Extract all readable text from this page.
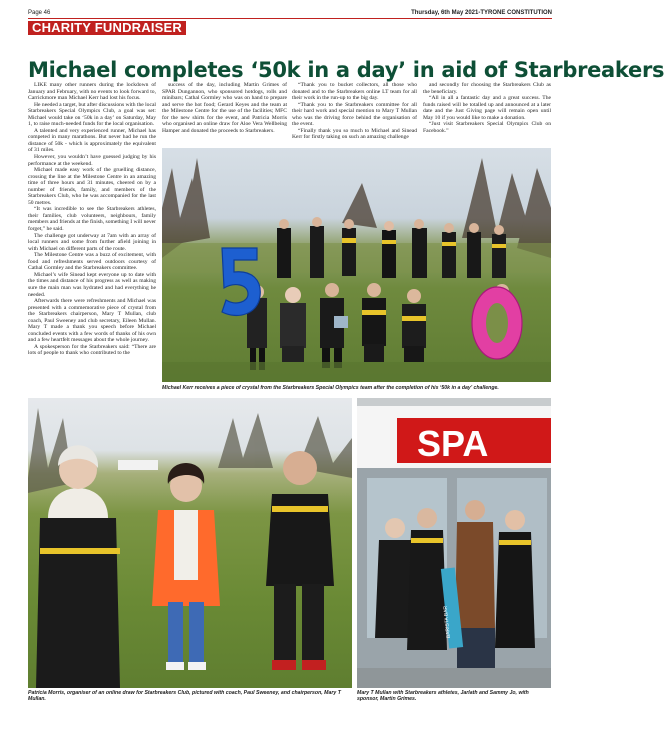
Page 46	Thursday, 6th May 2021-TYRONE CONSTITUTION
CHARITY FUNDRAISER
Michael completes ‘50k in a day’ in aid of Starbreakers

LIKE many other runners during the lockdown of January and February, with no events to look forward to, Carrickmore man Michael Kerr had lost his focus.

He needed a target, but after discussions with the local Starbreakers Special Olympics Club, a goal was set: Michael would take on ‘50k in a day’ on Saturday, May 1, to raise much-needed funds for the local organisation.

A talented and very experienced runner, Michael has competed in many marathons. But never had he run the distance of 50k - which is approximately the equivalent of 31 miles.

However, you wouldn’t have guessed judging by his performance at the weekend.

Michael made easy work of the gruelling distance, crossing the line at the Milestone Centre in an amazing time of three hours and 31 minutes, cheered on by a number of friends, family, and members of the Starbreakers Club, who he was accompanied for the last 50 metres.

“It was incredible to see the Starbreakers athletes, their families, club volunteers, neighbours, family members and friends at the finish, something I will never forget,” he said.

The challenge got underway at 7am with an array of local runners and some from further afield joining in with Michael on different parts of the route.

The Milestone Centre was a buzz of excitement, with food and refreshments served outdoors courtesy of Cathal Gormley and the Starbreakers committee.

Michael’s wife Sinead kept everyone up to date with the times and distance of his progress as well as making sure the main man was hydrated and had everything he needed.

Afterwards there were refreshments and Michael was presented with a commemorative piece of crystal from the Starbreakers chairperson, Mary T Mullan, club coach, Paul Sweeney and club secretary, Eileen Mullan. Mary T made a thank you speech before Michael concluded events with a few words of thanks of his own and a few heartfelt messages about the whole journey.

A spokesperson for the Starbreakers said: “There are lots of people to thank who contributed to the

success of the day, including Martin Grimes of SPAR Dungannon, who sponsored hotdogs, rolls and minibars; Cathal Gormley who was on hand to prepare and serve the hot food; Gerard Keyes and the team at the Milestone Centre for the use of the facilities; MFC for the new shirts for the event, and Patricia Morris who organised an online draw for Aloe Vera Wellbeing Hamper and donated the proceeds to Starbreakers.

“Thank you to bucket collectors, all those who donated and to the Starbreakers online LT team for all their work in the run-up to the big day.

“Thank you to the Starbreakers committee for all their hard work and special mention to Mary T Mullan who was the driving force behind the organisation of the event.

“Finally thank you so much to Michael and Sinead Kerr for firstly taking on such an amazing challenge

and secondly for choosing the Starbreakers Club as the beneficiary.

“All in all a fantastic day and a great success. The funds raised will be totalled up and announced at a later date and the Just Giving page will remain open until May 10 if you would like to make a donation.

“Just visit Starbreakers Special Olympics Club on Facebook.”

Michael Kerr receives a piece of crystal from the Starbreakers Special Olympics team after the completion of his ‘50k in a day’ challenge.
Patricia Morris, organiser of an online draw for Starbreakers Club, pictured with coach, Paul Sweeney, and chairperson, Mary T Mullan.
SPA
BARISTA BAR
Mary T Mullan with Starbreakers athletes, Jarlath and Sammy Jo, with sponsor, Martin Grimes.
